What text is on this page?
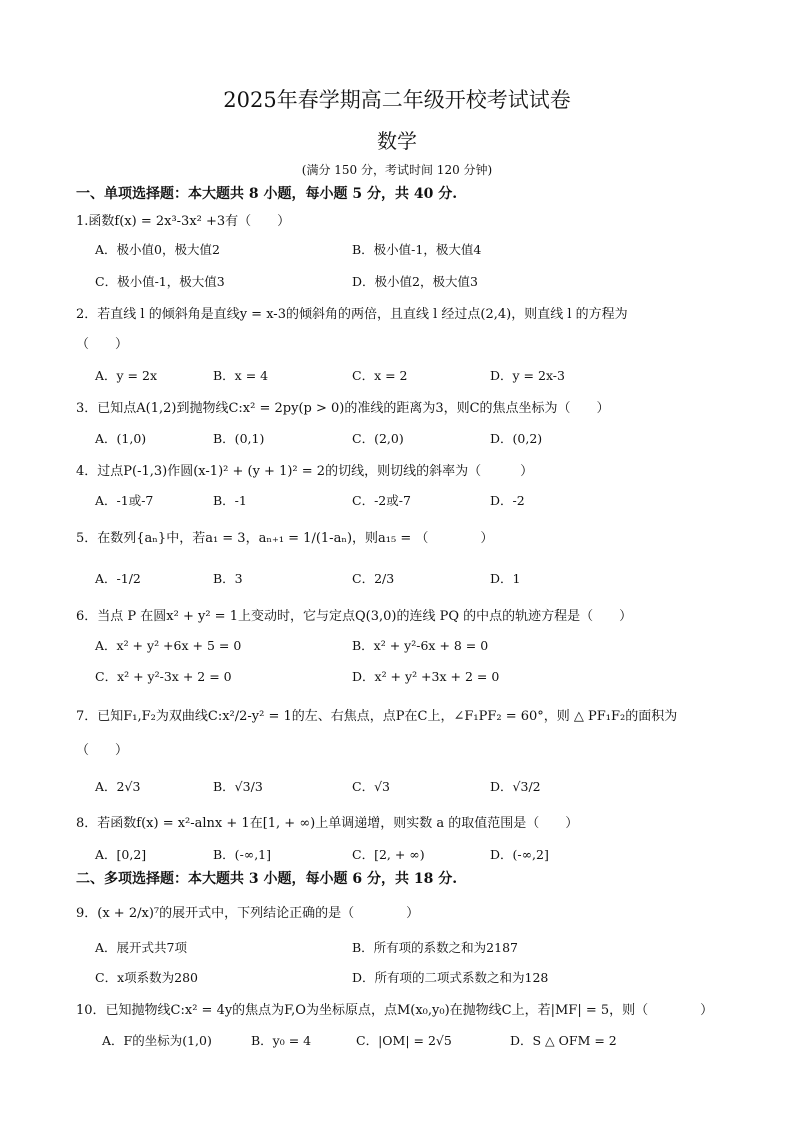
2025年春学期高二年级开校考试试卷
数学
(满分 150 分，考试时间 120 分钟)
一、单项选择题：本大题共 8 小题，每小题 5 分，共 40 分.
1.函数f(x) = 2x³-3x² +3有（　　）
A．极小值0，极大值2	B．极小值-1，极大值4
C．极小值-1，极大值3	D．极小值2，极大值3
2．若直线 l 的倾斜角是直线y = x-3的倾斜角的两倍，且直线 l 经过点(2,4)，则直线 l 的方程为
（　　）
A．y = 2x	B．x = 4	C．x = 2	D．y = 2x-3
3．已知点A(1,2)到抛物线C:x² = 2py(p > 0)的准线的距离为3，则C的焦点坐标为（　　）
A．(1,0)	B．(0,1)	C．(2,0)	D．(0,2)
4．过点P(-1,3)作圆(x-1)² + (y + 1)² = 2的切线，则切线的斜率为（　　　）
A．-1或-7	B．-1	C．-2或-7	D．-2
5．在数列{aₙ}中，若a₁ = 3，aₙ₊₁ = 1/(1-aₙ)，则a₁₅ = （　　　　）
A．-1/2	B．3	C．2/3	D．1
6．当点 P 在圆x² + y² = 1上变动时，它与定点Q(3,0)的连线 PQ 的中点的轨迹方程是（　　）
A．x² + y² +6x + 5 = 0	B．x² + y²-6x + 8 = 0
C．x² + y²-3x + 2 = 0	D．x² + y² +3x + 2 = 0
7．已知F₁,F₂为双曲线C:x²/2-y² = 1的左、右焦点，点P在C上，∠F₁PF₂ = 60°，则 △ PF₁F₂的面积为
（　　）
A．2√3	B．√3/3	C．√3	D．√3/2
8．若函数f(x) = x²-alnx + 1在[1, + ∞)上单调递增，则实数 a 的取值范围是（　　）
A．[0,2]	B．(-∞,1]	C．[2, + ∞)	D．(-∞,2]
二、多项选择题：本大题共 3 小题，每小题 6 分，共 18 分.
9．(x + 2/x)⁷的展开式中，下列结论正确的是（　　　　）
A．展开式共7项	B．所有项的系数之和为2187
C．x项系数为280	D．所有项的二项式系数之和为128
10．已知抛物线C:x² = 4y的焦点为F,O为坐标原点，点M(x₀,y₀)在抛物线C上，若|MF| = 5，则（　　　　）
A．F的坐标为(1,0)	B．y₀ = 4	C．|OM| = 2√5	D．S △ OFM = 2
